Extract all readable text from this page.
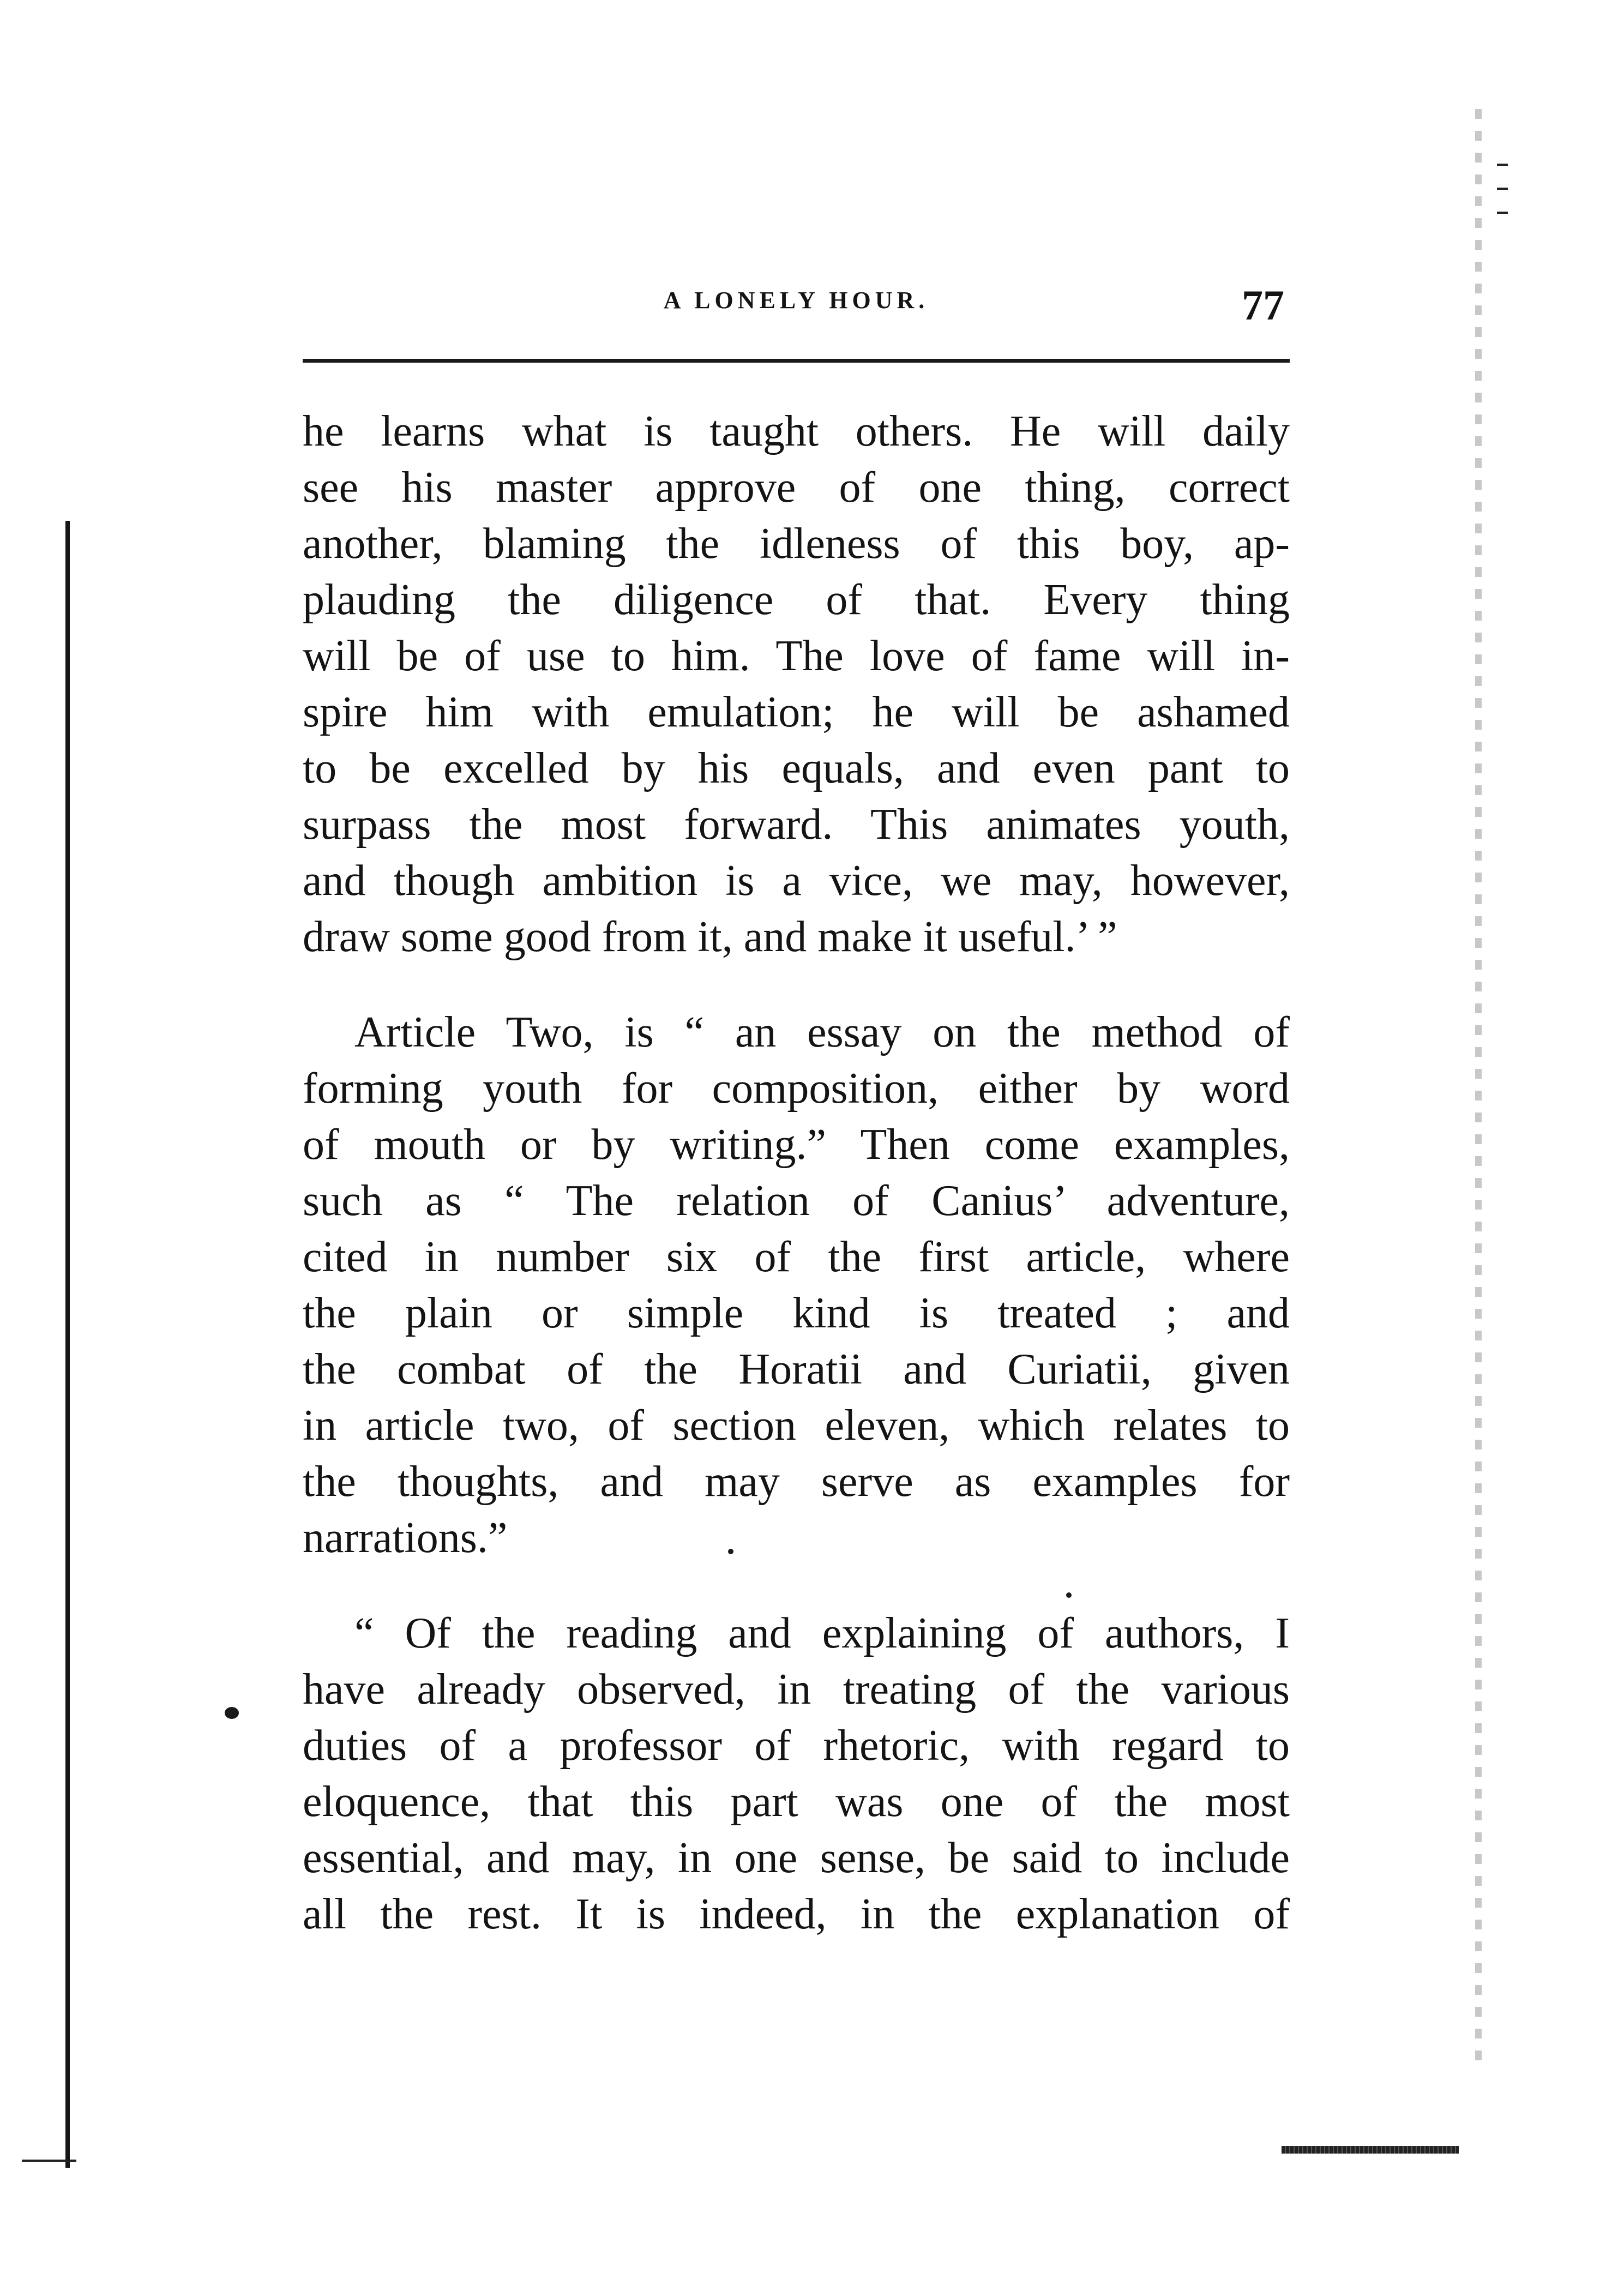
A LONELY HOUR.	77
he learns what is taught others. He will daily
see his master approve of one thing, correct
another, blaming the idleness of this boy, ap-
plauding the diligence of that. Every thing
will be of use to him. The love of fame will in-
spire him with emulation; he will be ashamed
to be excelled by his equals, and even pant to
surpass the most forward. This animates youth,
and though ambition is a vice, we may, however,
draw some good from it, and make it useful.’ ”
Article Two, is “ an essay on the method of
forming youth for composition, either by word
of mouth or by writing.” Then come examples,
such as “ The relation of Canius’ adventure,
cited in number six of the first article, where
the plain or simple kind is treated ; and
the combat of the Horatii and Curiatii, given
in article two, of section eleven, which relates to
the thoughts, and may serve as examples for
narrations.”
“ Of the reading and explaining of authors, I
have already observed, in treating of the various
duties of a professor of rhetoric, with regard to
eloquence, that this part was one of the most
essential, and may, in one sense, be said to include
all the rest. It is indeed, in the explanation of
